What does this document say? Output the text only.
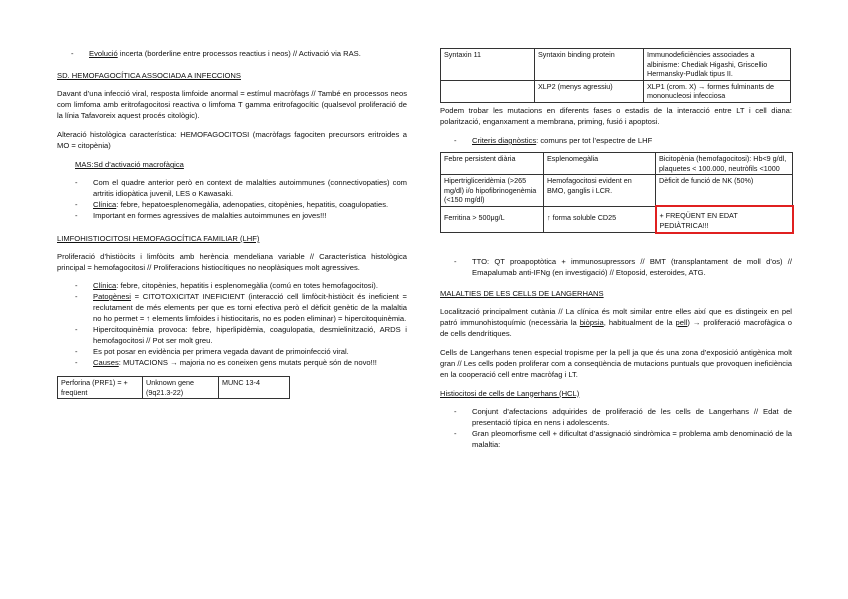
-	Evolució incerta (borderline entre processos reactius i neos) // Activació via RAS.

SD. HEMOFAGOCÍTICA ASSOCIADA A INFECCIONS

Davant d’una infecció viral, resposta limfoide anormal = estímul macròfags // També en processos neos com limfoma amb eritrofagocitosi reactiva o limfoma T gamma eritrofagocític (qualsevol proliferació de la línia Tafavoreix aquest procés citològic).

Alteració histològica característica: HEMOFAGOCITOSI (macròfags fagociten precursors eritroides a MO = citopènia)

MAS:Sd d’activació macrofàgica

-	Com el quadre anterior però en context de malalties autoimmunes (connectivopaties) com artritis idiopàtica juvenil, LES o Kawasaki.
-	Clínica: febre, hepatoesplenomegàlia, adenopaties, citopènies, hepatitis, coagulopaties.
-	Important en formes agressives de malalties autoimmunes en joves!!!

LIMFOHISTIOCITOSI HEMOFAGOCÍTICA FAMILIAR (LHF)

Proliferació d’histiòcits i limfòcits amb herència mendeliana variable // Característica histològica principal = hemofagocitosi // Proliferacions histiocítiques no neoplàsiques molt agressives.

-	Clínica: febre, citopènies, hepatitis i esplenomegàlia (comú en totes hemofagocitosi).
-	Patogènesi = CITOTOXICITAT INEFICIENT (interacció cell limfòcit-histiòcit és ineficient = reclutament de més elements per que es torni efectiva però el dèficit genètic de la malaltia no ho permet = ↑ elements limfoides i histiocitaris, no es poden eliminar) = hipercitoquinèmia.
-	Hipercitoquinèmia provoca: febre, hiperlipidèmia, coagulopatia, desmielinització, ARDS i hemofagocitosi // Pot ser molt greu.
-	Es pot posar en evidència per primera vegada davant de primoinfecció viral.
-	Causes: MUTACIONS → majoria no es coneixen gens mutats perquè són de novo!!!
Perforina (PRF1) = + freqüent	Unknown gene (9q21.3-22)	MUNC 13-4
Syntaxin 11	Syntaxin binding protein	Immunodeficiències associades a albinisme: Chediak Higashi, Griscellio Hermansky-Pudlak tipus II.
	XLP2 (menys agressiu)	XLP1 (crom. X) → formes fulminants de mononucleosi infecciosa

Podem trobar les mutacions en diferents fases o estadis de la interacció entre LT i cell diana: polarització, enganxament a membrana, priming, fusió i apoptosi.

-	Criteris diagnòstics: comuns per tot l’espectre de LHF
Febre persistent diària	Esplenomegàlia	Bicitopènia (hemofagocitosi): Hb<9 g/dl, plaquetes < 100.000, neutròfils <1000
Hipertrigliceridèmia (>265 mg/dl) i/o hipofibrinogenèmia (<150 mg/dl)	Hemofagocitosi evident en BMO, ganglis i LCR.	Dèficit de funció de NK (50%)
Ferritina > 500μg/L	↑ forma soluble CD25	+ FREQÜENT EN EDAT PEDIÀTRICA!!!
-	TTO: QT proapoptòtica + immunosupressors // BMT (transplantament de moll d’os) // Emapalumab anti-IFNg (en investigació) // Etoposid, esteroides, ATG.

MALALTIES DE LES CELLS DE LANGERHANS

Localització principalment cutània // La clínica és molt similar entre elles així que es distingeix en pel patró immunohistoquímic (necessària la biòpsia, habitualment de la pell) → proliferació macrofàgica o de cells dendrítiques.

Cells de Langerhans tenen especial tropisme per la pell ja que és una zona d’exposició antigènica molt gran // Les cells poden proliferar com a conseqüència de mutacions puntuals que provoquen ineficiència en la cooperació cell entre macròfag i LT.

Histiocitosi de cells de Langerhans (HCL)

-	Conjunt d’afectacions adquirides de proliferació de les cells de Langerhans // Edat de presentació típica en nens i adolescents.
-	Gran pleomorfisme cell + dificultat d’assignació sindròmica = problema amb denominació de la malaltia:
